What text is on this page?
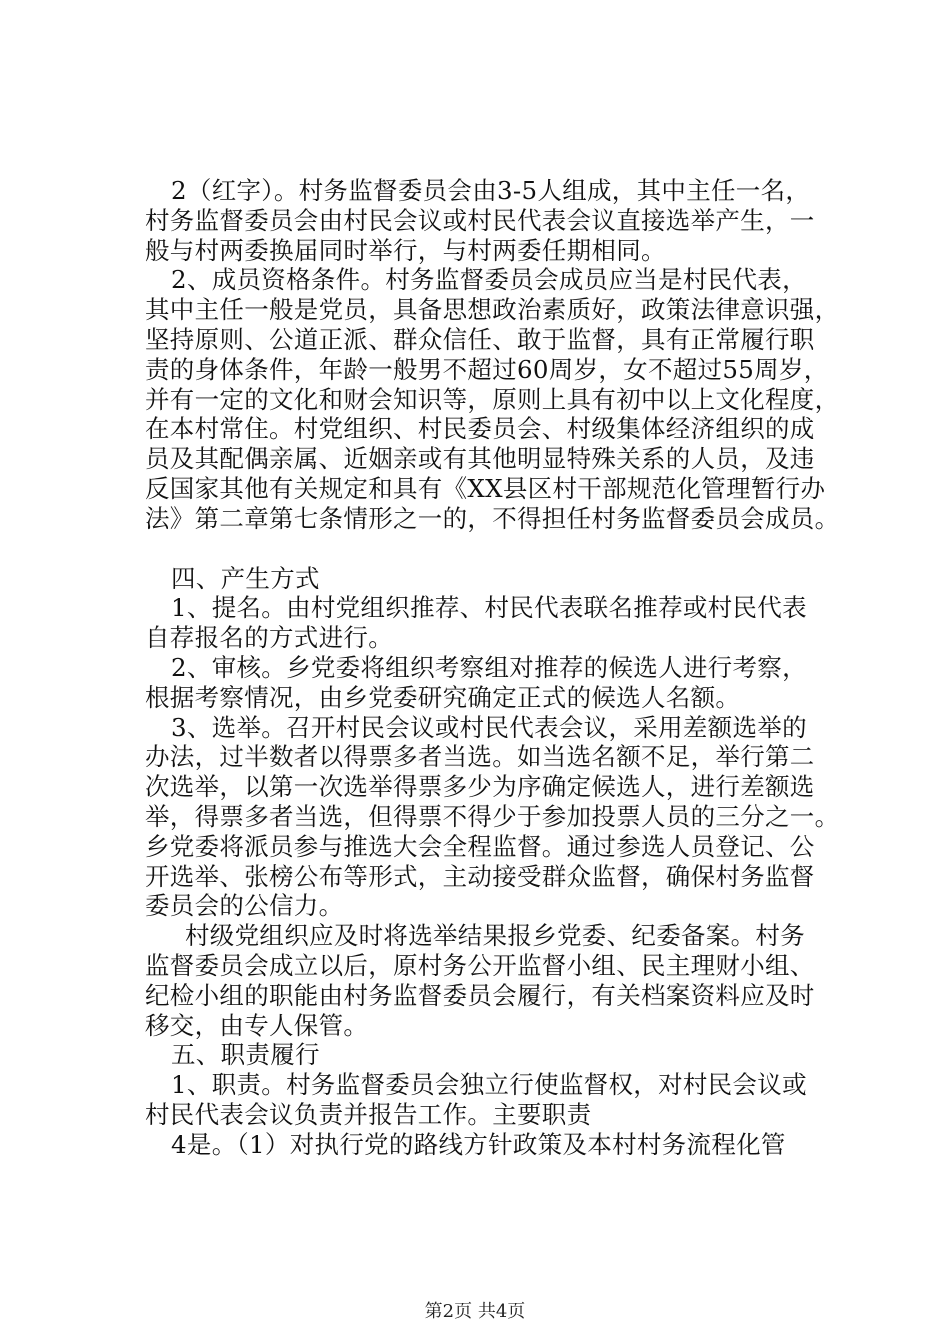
2（红字）。村务监督委员会由3-5人组成，其中主任一名，
村务监督委员会由村民会议或村民代表会议直接选举产生，一
般与村两委换届同时举行，与村两委任期相同。
2、成员资格条件。村务监督委员会成员应当是村民代表，
其中主任一般是党员，具备思想政治素质好，政策法律意识强，
坚持原则、公道正派、群众信任、敢于监督，具有正常履行职
责的身体条件，年龄一般男不超过60周岁，女不超过55周岁，
并有一定的文化和财会知识等，原则上具有初中以上文化程度，
在本村常住。村党组织、村民委员会、村级集体经济组织的成
员及其配偶亲属、近姻亲或有其他明显特殊关系的人员，及违
反国家其他有关规定和具有《XX县区村干部规范化管理暂行办
法》第二章第七条情形之一的，不得担任村务监督委员会成员。
四、产生方式
1、提名。由村党组织推荐、村民代表联名推荐或村民代表
自荐报名的方式进行。
2、审核。乡党委将组织考察组对推荐的候选人进行考察，
根据考察情况，由乡党委研究确定正式的候选人名额。
3、选举。召开村民会议或村民代表会议，采用差额选举的
办法，过半数者以得票多者当选。如当选名额不足，举行第二
次选举，以第一次选举得票多少为序确定候选人，进行差额选
举，得票多者当选，但得票不得少于参加投票人员的三分之一。
乡党委将派员参与推选大会全程监督。通过参选人员登记、公
开选举、张榜公布等形式，主动接受群众监督，确保村务监督
委员会的公信力。
村级党组织应及时将选举结果报乡党委、纪委备案。村务
监督委员会成立以后，原村务公开监督小组、民主理财小组、
纪检小组的职能由村务监督委员会履行，有关档案资料应及时
移交，由专人保管。
五、职责履行
1、职责。村务监督委员会独立行使监督权，对村民会议或
村民代表会议负责并报告工作。主要职责
4是。（1）对执行党的路线方针政策及本村村务流程化管
第2页 共4页
